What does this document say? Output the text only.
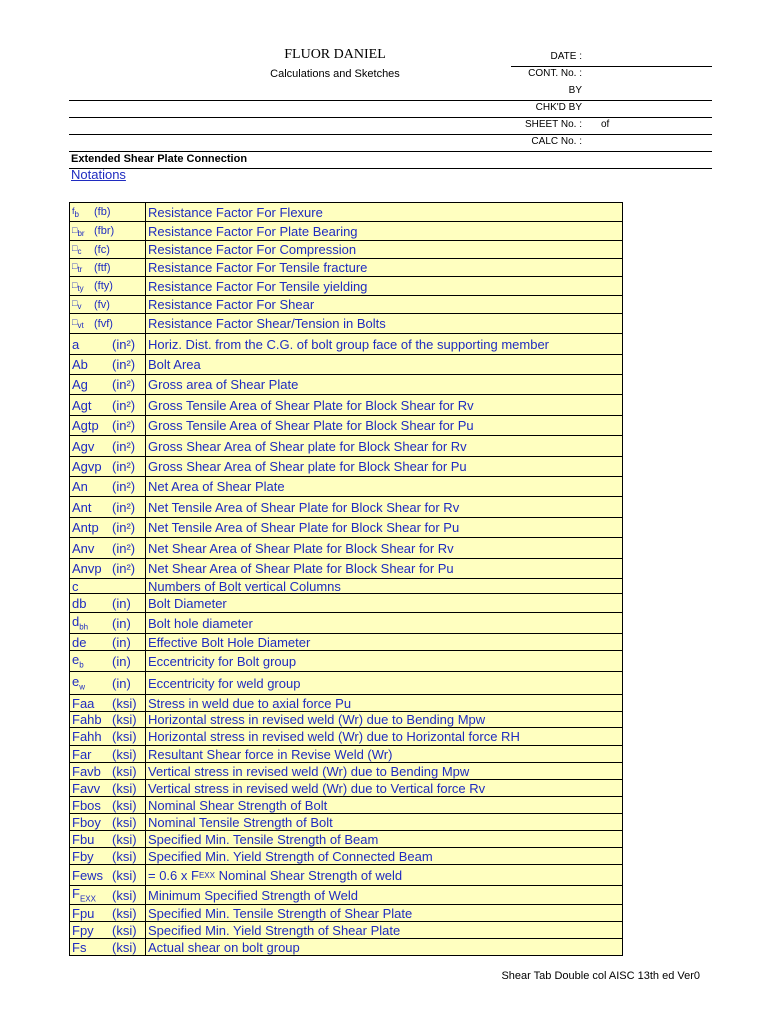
FLUOR DANIEL
Calculations and Sketches
DATE :
CONT. No. :
BY
CHK'D BY
SHEET No. : of
CALC No. :
Extended Shear Plate Connection
Notations
fb	(fb)	Resistance Factor For Flexure
□br (fbr)	Resistance Factor For Plate Bearing
□c	(fc)	Resistance Factor For Compression
□tr	(ftf)	Resistance Factor For Tensile fracture
□ty (fty)	Resistance Factor For Tensile yielding
□v	(fv)	Resistance Factor For Shear
□vt (fvf)	Resistance Factor Shear/Tension in Bolts
a	(in²) Horiz. Dist. from the C.G. of bolt group face of the supporting member
Ab	(in²) Bolt Area
Ag	(in²) Gross area of Shear Plate
Agt	(in²) Gross Tensile Area of Shear Plate for Block Shear for Rv
Agtp	(in²) Gross Tensile Area of Shear Plate for Block Shear for Pu
Agv	(in²) Gross Shear Area of Shear plate for Block Shear for Rv
Agvp (in²) Gross Shear Area of Shear plate for Block Shear for Pu
An	(in²) Net Area of Shear Plate
Ant	(in²) Net Tensile Area of Shear Plate for Block Shear for Rv
Antp	(in²) Net Tensile Area of Shear Plate for Block Shear for Pu
Anv	(in²) Net Shear Area of Shear Plate for Block Shear for Rv
Anvp (in²) Net Shear Area of Shear Plate for Block Shear for Pu
c	Numbers of Bolt vertical Columns
db	(in) Bolt Diameter
$d_{bh}$	(in) Bolt hole diameter
de	(in) Effective Bolt Hole Diameter
$e_b$	(in) Eccentricity for Bolt group
$e_w$	(in) Eccentricity for weld group
Faa	(ksi) Stress in weld due to axial force Pu
Fahb (ksi) Horizontal stress in revised weld (Wr) due to Bending Mpw
Fahh (ksi) Horizontal stress in revised weld (Wr) due to Horizontal force RH
Far	(ksi) Resultant Shear force in Revise Weld (Wr)
Favb (ksi) Vertical stress in revised weld (Wr) due to Bending Mpw
Favv (ksi) Vertical stress in revised weld (Wr) due to Vertical force Rv
Fbos (ksi) Nominal Shear Strength of Bolt
Fboy (ksi) Nominal Tensile Strength of Bolt
Fbu	(ksi) Specified Min. Tensile Strength of Beam
Fby	(ksi) Specified Min. Yield Strength of Connected Beam
Fews (ksi) = 0.6 x F EXX Nominal Shear Strength of weld
$F_{EXX}$	(ksi) Minimum Specified Strength of Weld
Fpu	(ksi) Specified Min. Tensile Strength of Shear Plate
Fpy	(ksi) Specified Min. Yield Strength of Shear Plate
Fs	(ksi) Actual shear on bolt group
Shear Tab Double col AISC 13th ed Ver0
